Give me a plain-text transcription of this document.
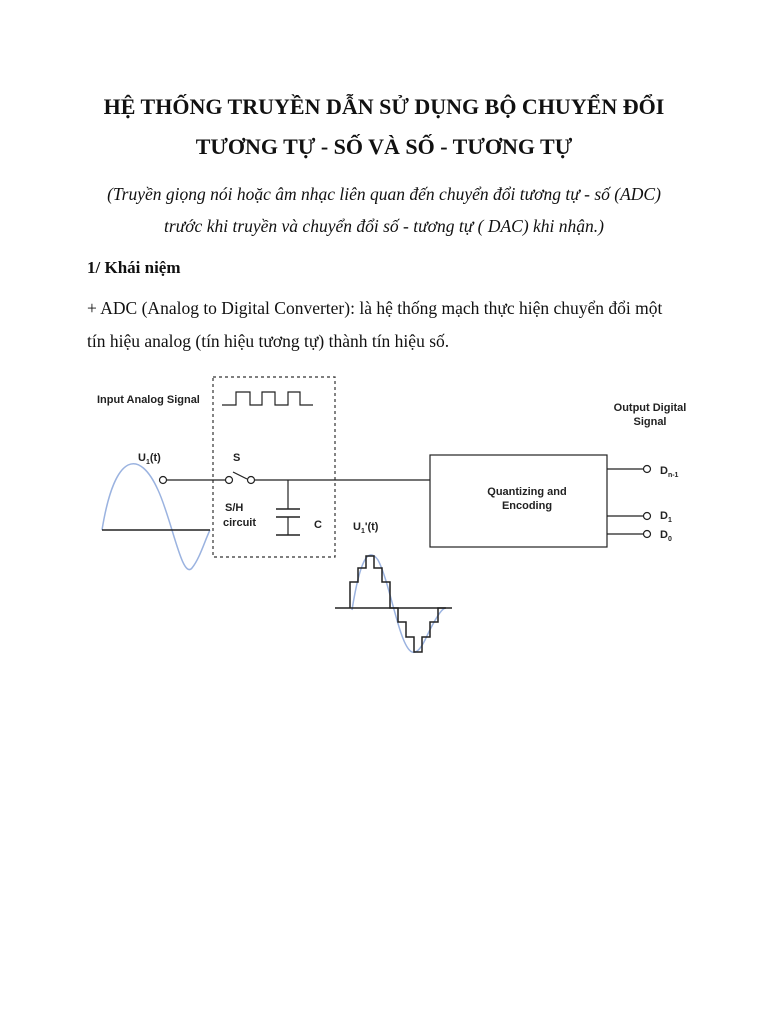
HỆ THỐNG TRUYỀN DẪN SỬ DỤNG BỘ CHUYỂN ĐỔI
TƯƠNG TỰ - SỐ VÀ SỐ - TƯƠNG TỰ

(Truyền giọng nói hoặc âm nhạc liên quan đến chuyển đổi tương tự - số (ADC)

trước khi truyền và chuyển đổi số - tương tự ( DAC) khi nhận.)

1/ Khái niệm

+ ADC (Analog to Digital Converter): là hệ thống mạch thực hiện chuyển đổi một

tín hiệu analog (tín hiệu tương tự) thành tín hiệu số.

Input Analog Signal
$U_1(t)$	S
S/H
circuit	C	$U_1'(t)$
Quantizing and
Encoding
Output Digital
Signal
$D_{n-1}$
$D_1$
$D_0$
